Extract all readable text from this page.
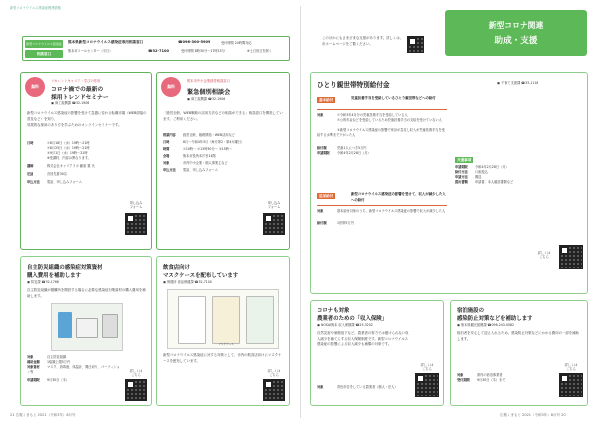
新型コロナウイルス感染症関連情報
新型コロナウイルス感染症
相談窓口
熊本県新型コロナウイルス感染症専用相談窓口	☎096-300-5909	受付時間 24時間対応
熊本市コールセンター（平日）	☎32-7100	受付時間 8時30分〜17時15分	※土日祝日を除く
このほかにもさまざまな支援があります。詳しくは、市ホームページをご覧ください。
新型コロナ関連
助成・支援
無料
リカレントキャリア・学びの作用
コロナ禍での最新の
採用トレンドセミナー
▣ 商工振興課 ☎32-1906
新型コロナウイルス感染症の影響を受けて急激に変わる転職市場（WEB面接の普及など）を知り、
効果的な採用のあり方を学ぶためのオンラインセミナーです。
日時	①8月18日（水）19時〜21時
②8月25日（水）19時〜21時
③9月1日（水）19時〜21時
※受講料、内容は異なります。
講師	株式会社キャリアラボ 藤原 寛 氏
定員	各回先着30名
申込方法 電話、申し込みフォーム
申し込み
フォーム
無料
熊本市中小企業経営相談窓口
緊急個別相談会
▣ 商工振興課 ☎32-1906
「経営全般、WEB戦略の活用方法などの相談ができる」相談窓口を開設しています。ご利用ください。
相談内容 経営全般、販路開拓・WEB活用など
日時	8月〜令和4年3月（毎月第2・第4火曜日）
時間	①10時〜 ②13時30分〜 ③15時〜
会場	熊本市役所本庁舎14階
対象	市内中小企業・個人事業主など
申込方法 電話、申し込みフォーム
申し込み
フォーム
自主防災組織の感染症対策資材
購入費用を補助します
▣ 防災課 ☎32-1766
自主防災組織が避難所を開設する場合に必要な感染症対策資材の購入費用を補助します。
対象	自主防災組織
補助金額 1組織上限5万円
対象資材 マスク、消毒液、体温計、間仕切り、パーティション等
申請期限 9月30日（木）
詳しくは
こちら
飲食店向け
マスクケースを配布しています
▣ 保健所 食品保健課 ☎32-7100
マスクケース
新型コロナウイルス感染症に対する対策として、市内の飲食店向けにマスクケースを配布しています。
詳しくは
こちら
21 広報くまもと 2021（令和3年）8月号
ひとり親世帯特別給付金	▣ 子育て支援課 ☎33-1118
基本給付	児童扶養手当を受給しているひとり親世帯などへの給付
対象	①令和3年4月分の児童扶養手当を受給している人
②公的年金などを受給しているため児童扶養手当の支給を受けていない人
③新型コロナウイルス感染症の影響で家計が急変し収入が児童扶養手当を受給する水準まで下がった人
給付額	児童1人につき5万円
申請期限 令和4年2月28日（月）
追加給付	新型コロナウイルス感染症の影響を受けて、収入が減少した人への給付
対象	基本給付対象のうち、新型コロナウイルス感染症の影響で収入が減少した人
給付額	1世帯5万円
共通事項
申請期限 令和4年2月28日（月）
給付方法 口座振込
申請方法 郵送
提出書類 申請書、本人確認書類など
詳しくは
こちら
コロナも対象
農業者のための「収入保険」
▣ NOSAI熊本 収入保険課 ☎25-3202
自然災害や価格低下など、農業者の努力では避けられない収入減少を補てんする収入保険制度です。新型コロナウイルス感染症の影響による収入減少も補償の対象です。
対象	青色申告をしている農業者（個人・法人）
詳しくは
こちら
宿泊施設の
感染防止対策などを補助します
▣ 熊本県観光振興課 ☎096-243-0082
宿泊者を安心して迎え入れるため、感染防止対策などにかかる費用の一部を補助します。
対象	県内の宿泊事業者
受付期間 9月30日（木）まで
詳しくは
こちら
広報くまもと 2021（令和3年）8月号 20
